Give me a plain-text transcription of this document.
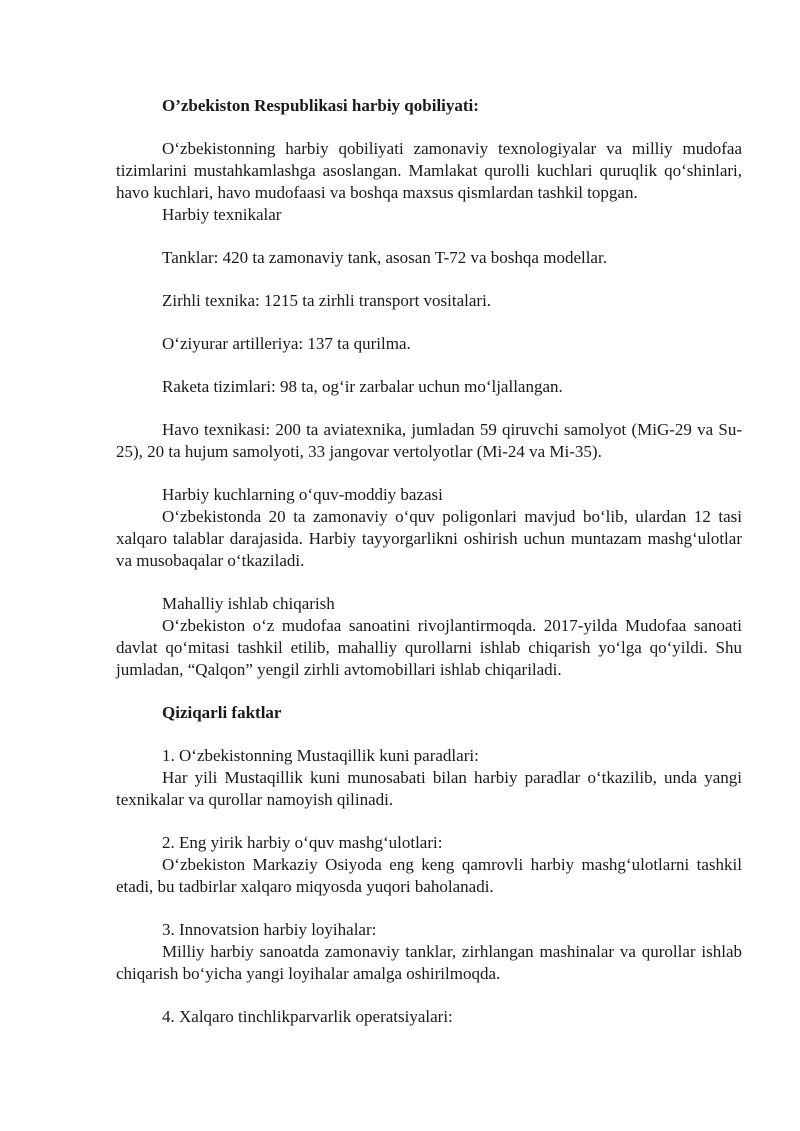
O’zbekiston Respublikasi harbiy qobiliyati:

O‘zbekistonning harbiy qobiliyati zamonaviy texnologiyalar va milliy mudofaa tizimlarini mustahkamlashga asoslangan. Mamlakat qurolli kuchlari quruqlik qo‘shinlari, havo kuchlari, havo mudofaasi va boshqa maxsus qismlardan tashkil topgan.

Harbiy texnikalar

Tanklar: 420 ta zamonaviy tank, asosan T-72 va boshqa modellar.

Zirhli texnika: 1215 ta zirhli transport vositalari.

O‘ziyurar artilleriya: 137 ta qurilma.

Raketa tizimlari: 98 ta, og‘ir zarbalar uchun mo‘ljallangan.

Havo texnikasi: 200 ta aviatexnika, jumladan 59 qiruvchi samolyot (MiG-29 va Su-25), 20 ta hujum samolyoti, 33 jangovar vertolyotlar (Mi-24 va Mi-35).

Harbiy kuchlarning o‘quv-moddiy bazasi

O‘zbekistonda 20 ta zamonaviy o‘quv poligonlari mavjud bo‘lib, ulardan 12 tasi xalqaro talablar darajasida. Harbiy tayyorgarlikni oshirish uchun muntazam mashg‘ulotlar va musobaqalar o‘tkaziladi.

Mahalliy ishlab chiqarish

O‘zbekiston o‘z mudofaa sanoatini rivojlantirmoqda. 2017-yilda Mudofaa sanoati davlat qo‘mitasi tashkil etilib, mahalliy qurollarni ishlab chiqarish yo‘lga qo‘yildi. Shu jumladan, “Qalqon” yengil zirhli avtomobillari ishlab chiqariladi.

Qiziqarli faktlar

1. O‘zbekistonning Mustaqillik kuni paradlari:

Har yili Mustaqillik kuni munosabati bilan harbiy paradlar o‘tkazilib, unda yangi texnikalar va qurollar namoyish qilinadi.

2. Eng yirik harbiy o‘quv mashg‘ulotlari:

O‘zbekiston Markaziy Osiyoda eng keng qamrovli harbiy mashg‘ulotlarni tashkil etadi, bu tadbirlar xalqaro miqyosda yuqori baholanadi.

3. Innovatsion harbiy loyihalar:

Milliy harbiy sanoatda zamonaviy tanklar, zirhlangan mashinalar va qurollar ishlab chiqarish bo‘yicha yangi loyihalar amalga oshirilmoqda.

4. Xalqaro tinchlikparvarlik operatsiyalari:
